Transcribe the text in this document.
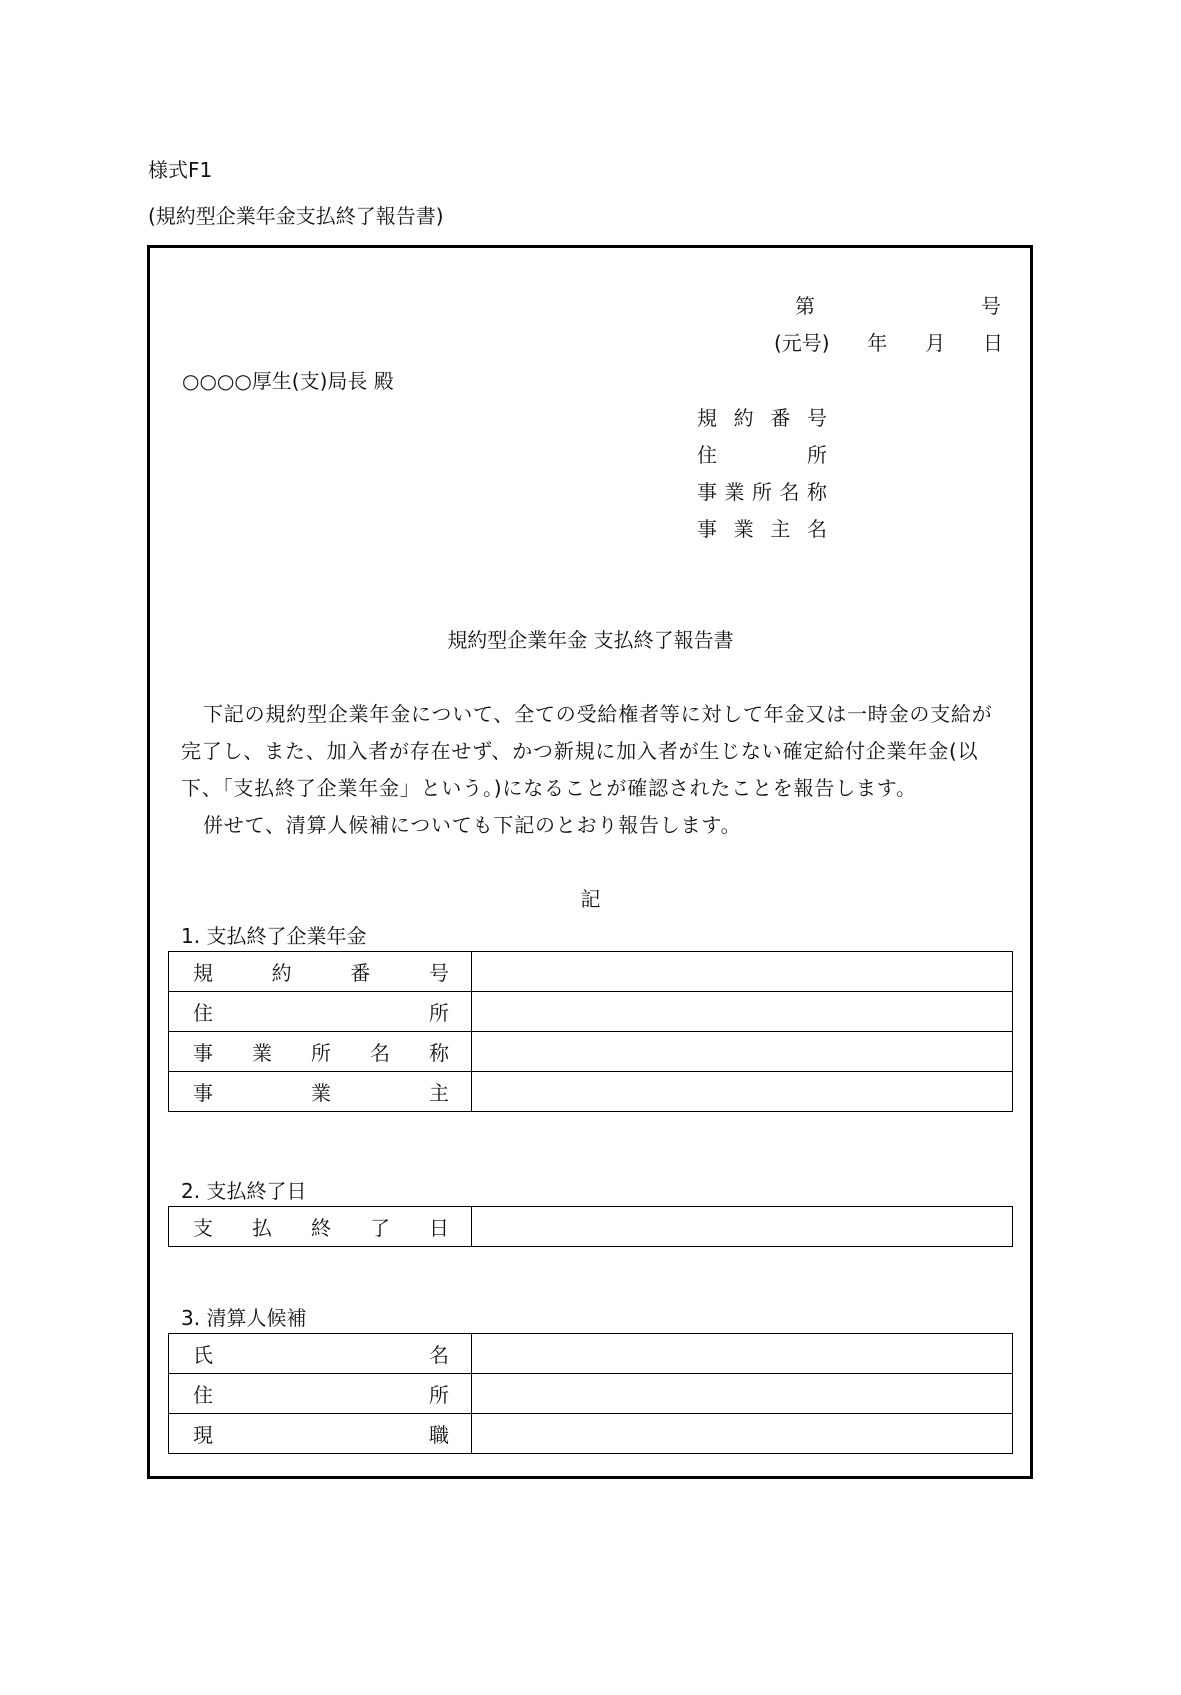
様式F1
(規約型企業年金支払終了報告書)
第	号
(元号) 年 月 日
○○○○厚生(支)局長 殿
規 約 番 号
住	所
事 業 所 名 称
事 業 主 名
規約型企業年金 支払終了報告書

下記の規約型企業年金について、全ての受給権者等に対して年金又は一時金の支給が完了し、また、加入者が存在せず、かつ新規に加入者が生じない確定給付企業年金(以下、「支払終了企業年金」という。)になることが確認されたことを報告します。

併せて、清算人候補についても下記のとおり報告します。

記
1. 支払終了企業年金
規 約 番 号	

住 所	

事 業 所 名 称	

事 業 主	

2. 支払終了日
支 払 終 了 日

3. 清算人候補
氏 名	

住 所	

現 職	
